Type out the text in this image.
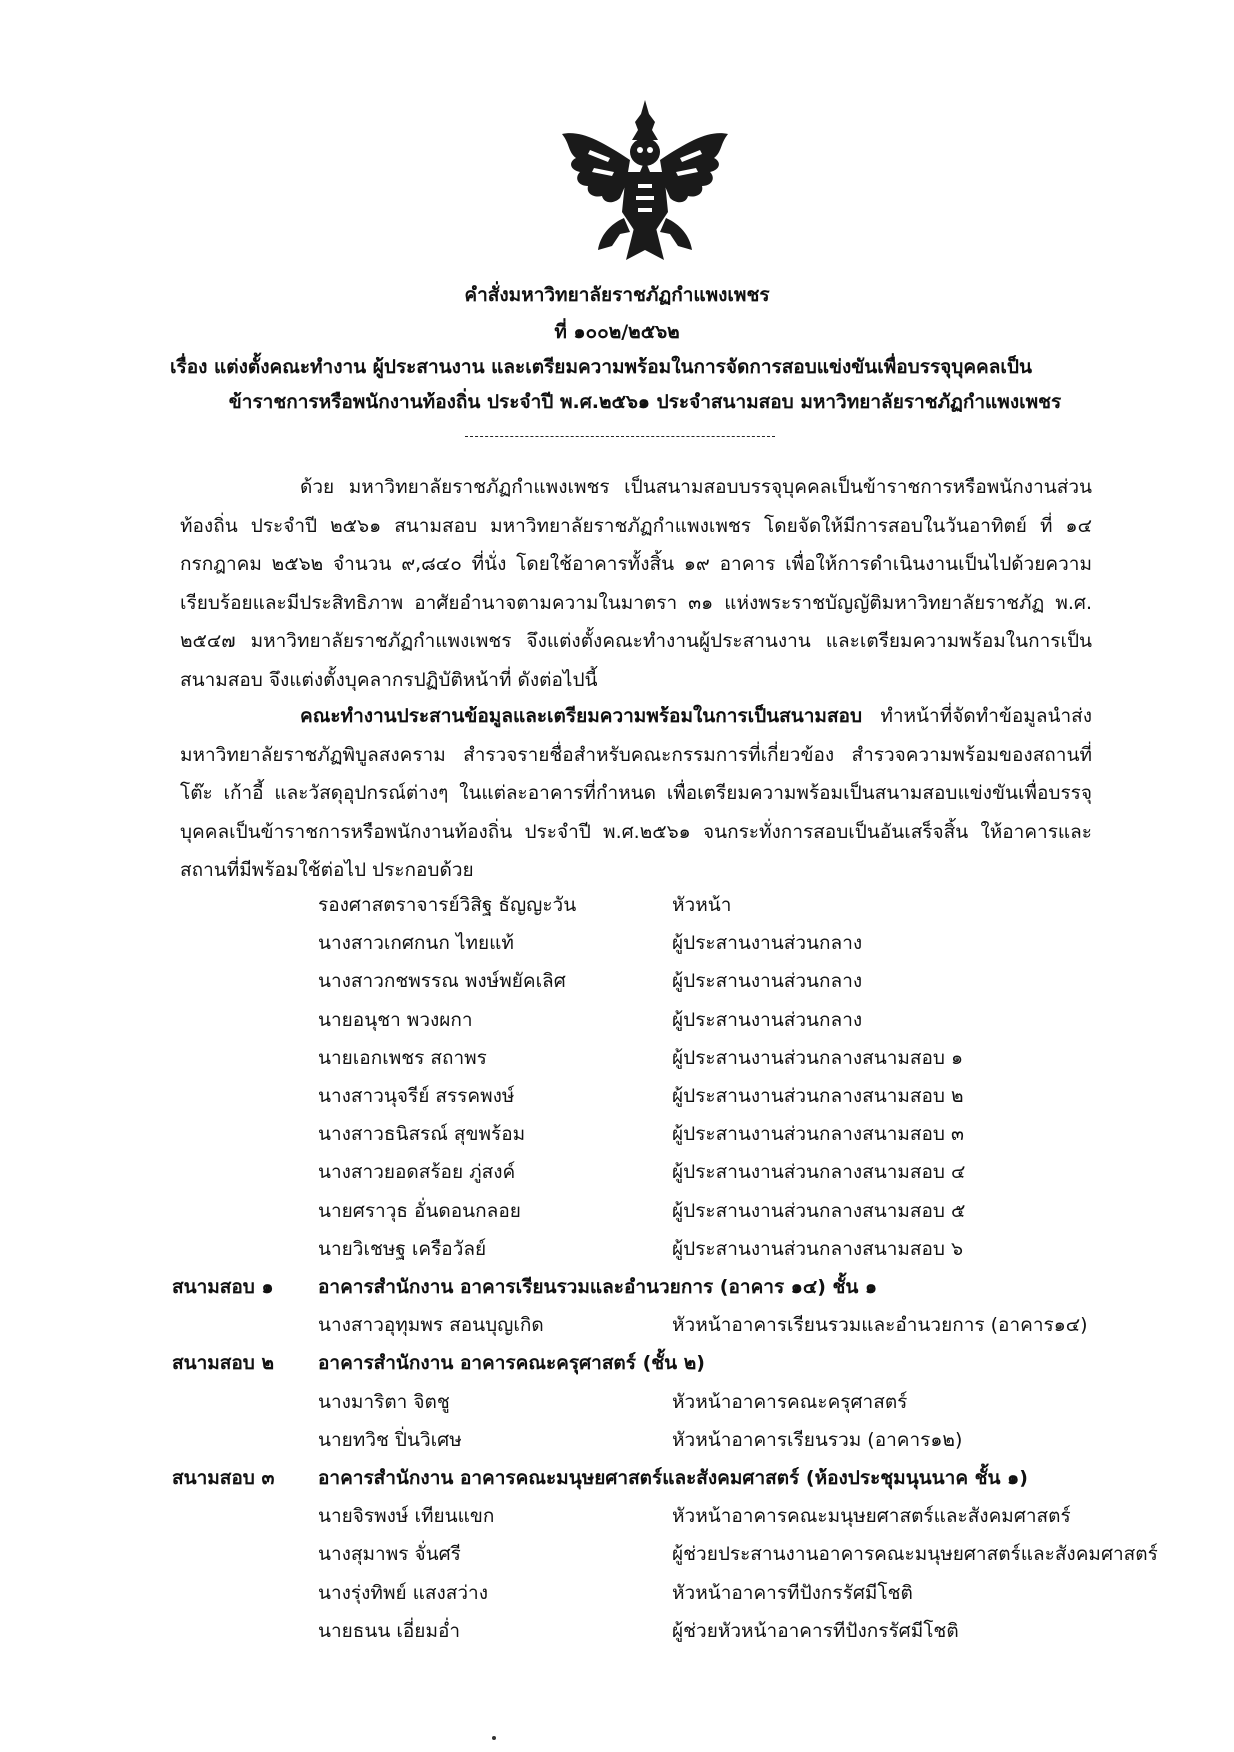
คำสั่งมหาวิทยาลัยราชภัฏกำแพงเพชร
ที่ ๑๐๐๒/๒๕๖๒
เรื่อง แต่งตั้งคณะทำงาน ผู้ประสานงาน และเตรียมความพร้อมในการจัดการสอบแข่งขันเพื่อบรรจุบุคคลเป็น
ข้าราชการหรือพนักงานท้องถิ่น ประจำปี พ.ศ.๒๕๖๑ ประจำสนามสอบ มหาวิทยาลัยราชภัฏกำแพงเพชร
ด้วย มหาวิทยาลัยราชภัฏกำแพงเพชร เป็นสนามสอบบรรจุบุคคลเป็นข้าราชการหรือพนักงานส่วนท้องถิ่น ประจำปี ๒๕๖๑ สนามสอบ มหาวิทยาลัยราชภัฏกำแพงเพชร โดยจัดให้มีการสอบในวันอาทิตย์ ที่ ๑๔ กรกฎาคม ๒๕๖๒ จำนวน ๙,๘๔๐ ที่นั่ง โดยใช้อาคารทั้งสิ้น ๑๙ อาคาร เพื่อให้การดำเนินงานเป็นไปด้วยความเรียบร้อยและมีประสิทธิภาพ อาศัยอำนาจตามความในมาตรา ๓๑ แห่งพระราชบัญญัติมหาวิทยาลัยราชภัฏ พ.ศ. ๒๕๔๗ มหาวิทยาลัยราชภัฏกำแพงเพชร จึงแต่งตั้งคณะทำงานผู้ประสานงาน และเตรียมความพร้อมในการเป็นสนามสอบ จึงแต่งตั้งบุคลากรปฏิบัติหน้าที่ ดังต่อไปนี้
คณะทำงานประสานข้อมูลและเตรียมความพร้อมในการเป็นสนามสอบ ทำหน้าที่จัดทำข้อมูลนำส่งมหาวิทยาลัยราชภัฏพิบูลสงคราม สำรวจรายชื่อสำหรับคณะกรรมการที่เกี่ยวข้อง สำรวจความพร้อมของสถานที่ โต๊ะ เก้าอี้ และวัสดุอุปกรณ์ต่างๆ ในแต่ละอาคารที่กำหนด เพื่อเตรียมความพร้อมเป็นสนามสอบแข่งขันเพื่อบรรจุบุคคลเป็นข้าราชการหรือพนักงานท้องถิ่น ประจำปี พ.ศ.๒๕๖๑ จนกระทั่งการสอบเป็นอันเสร็จสิ้น ให้อาคารและสถานที่มีพร้อมใช้ต่อไป ประกอบด้วย
รองศาสตราจารย์วิสิฐ ธัญญะวัน	หัวหน้า
นางสาวเกศกนก ไทยแท้	ผู้ประสานงานส่วนกลาง
นางสาวกชพรรณ พงษ์พยัคเลิศ	ผู้ประสานงานส่วนกลาง
นายอนุชา พวงผกา	ผู้ประสานงานส่วนกลาง
นายเอกเพชร สถาพร	ผู้ประสานงานส่วนกลางสนามสอบ ๑
นางสาวนุจรีย์ สรรคพงษ์	ผู้ประสานงานส่วนกลางสนามสอบ ๒
นางสาวธนิสรณ์ สุขพร้อม	ผู้ประสานงานส่วนกลางสนามสอบ ๓
นางสาวยอดสร้อย ภู่สงค์	ผู้ประสานงานส่วนกลางสนามสอบ ๔
นายศราวุธ อั่นดอนกลอย	ผู้ประสานงานส่วนกลางสนามสอบ ๕
นายวิเชษฐ เครือวัลย์	ผู้ประสานงานส่วนกลางสนามสอบ ๖
สนามสอบ ๑ อาคารสำนักงาน อาคารเรียนรวมและอำนวยการ (อาคาร ๑๔) ชั้น ๑
นางสาวอุทุมพร สอนบุญเกิด	หัวหน้าอาคารเรียนรวมและอำนวยการ (อาคาร๑๔)
สนามสอบ ๒ อาคารสำนักงาน อาคารคณะครุศาสตร์ (ชั้น ๒)
นางมาริตา จิตชู	หัวหน้าอาคารคณะครุศาสตร์
นายทวิช ปิ่นวิเศษ	หัวหน้าอาคารเรียนรวม (อาคาร๑๒)
สนามสอบ ๓ อาคารสำนักงาน อาคารคณะมนุษยศาสตร์และสังคมศาสตร์ (ห้องประชุมนุนนาค ชั้น ๑)
นายจิรพงษ์ เทียนแขก	หัวหน้าอาคารคณะมนุษยศาสตร์และสังคมศาสตร์
นางสุมาพร จั่นศรี	ผู้ช่วยประสานงานอาคารคณะมนุษยศาสตร์และสังคมศาสตร์
นางรุ่งทิพย์ แสงสว่าง	หัวหน้าอาคารทีปังกรรัศมีโชติ
นายธนน เอี่ยมอ่ำ	ผู้ช่วยหัวหน้าอาคารทีปังกรรัศมีโชติ
